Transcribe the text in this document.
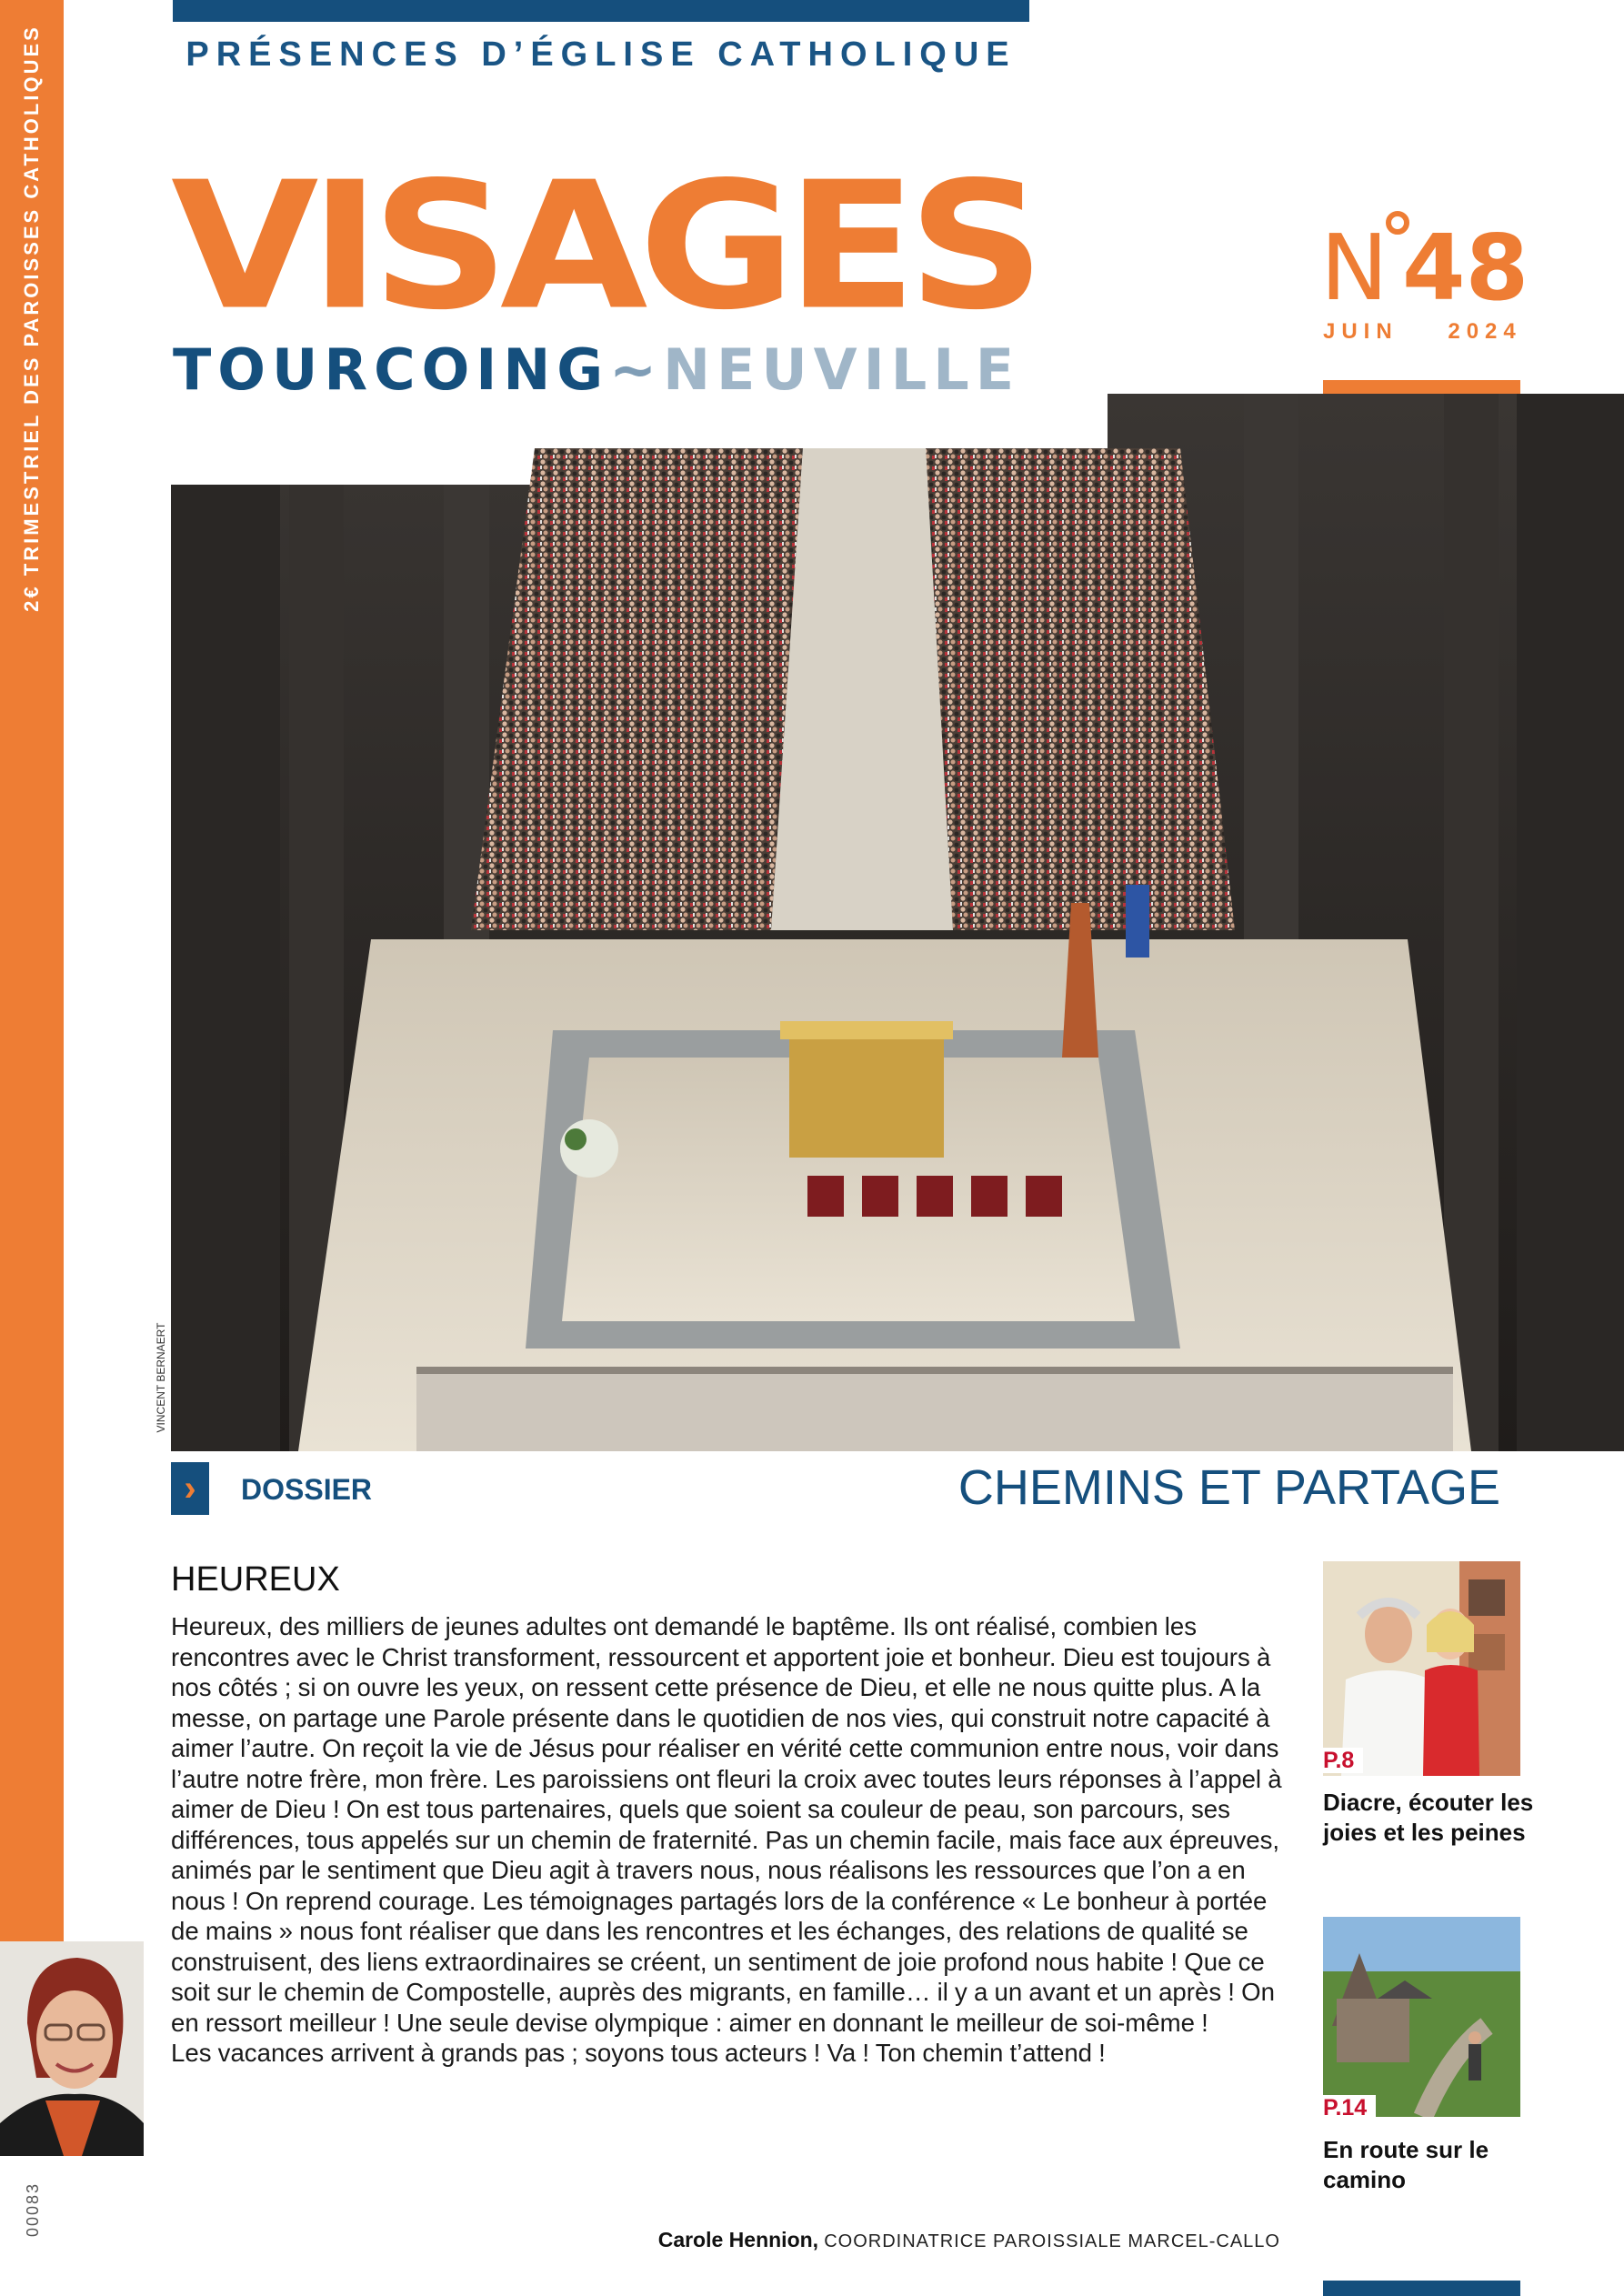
2€ TRIMESTRIEL DES PAROISSES CATHOLIQUES
00083
PRÉSENCES D’ÉGLISE CATHOLIQUE
VISAGES
TOURCOING~NEUVILLE
N 48
JUIN 2024
VINCENT BERNAERT
›	DOSSIER	CHEMINS ET PARTAGE
HEUREUX

Heureux, des milliers de jeunes adultes ont demandé le baptême. Ils ont réalisé, combien les rencontres avec le Christ transforment, ressourcent et apportent joie et bonheur. Dieu est toujours à nos côtés ; si on ouvre les yeux, on ressent cette présence de Dieu, et elle ne nous quitte plus. A la messe, on partage une Parole présente dans le quotidien de nos vies, qui construit notre capacité à aimer l’autre. On reçoit la vie de Jésus pour réaliser en vérité cette communion entre nous, voir dans l’autre notre frère, mon frère. Les paroissiens ont fleuri la croix avec toutes leurs réponses à l’appel à aimer de Dieu ! On est tous partenaires, quels que soient sa couleur de peau, son parcours, ses différences, tous appelés sur un chemin de fraternité. Pas un chemin facile, mais face aux épreuves, animés par le sentiment que Dieu agit à travers nous, nous réalisons les ressources que l’on a en nous ! On reprend courage. Les témoignages partagés lors de la conférence « Le bonheur à portée de mains » nous font réaliser que dans les rencontres et les échanges, des relations de qualité se construisent, des liens extraordinaires se créent, un sentiment de joie profond nous habite ! Que ce soit sur le chemin de Compostelle, auprès des migrants, en famille… il y a un avant et un après ! On en ressort meilleur ! Une seule devise olympique : aimer en donnant le meilleur de soi-même !

Les vacances arrivent à grands pas ; soyons tous acteurs ! Va ! Ton chemin t’attend !

Carole Hennion, COORDINATRICE PAROISSIALE MARCEL-CALLO
P.8
Diacre, écouter les joies et les peines
P.14
En route sur le camino
